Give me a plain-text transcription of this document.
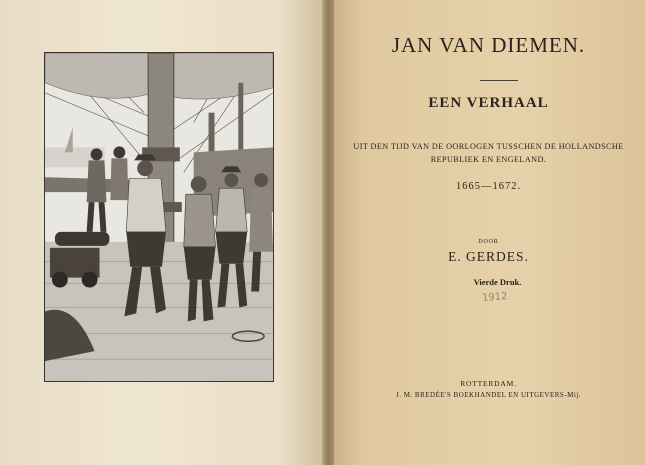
JAN VAN DIEMEN.
EEN VERHAAL
UIT DEN TIJD VAN DE OORLOGEN TUSSCHEN DE HOLLANDSCHE
REPUBLIEK EN ENGELAND.
1665—1672.
DOOR
E. GERDES.
Vierde Druk.
1912
ROTTERDAM.
J. M. BREDÉE'S BOEKHANDEL EN UITGEVERS-Mij.
